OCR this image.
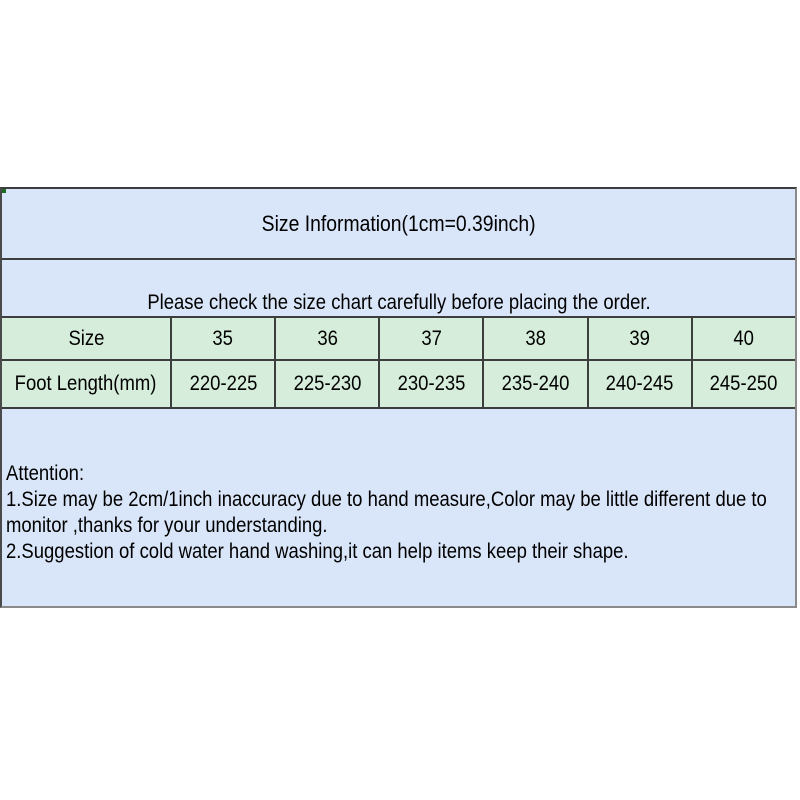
Size Information(1cm=0.39inch)
Please check the size chart carefully before placing the order.
Size	35	36	37	38	39	40
Foot Length(mm) 220-225 225-230 230-235 235-240 240-245 245-250
Attention:
1.Size may be 2cm/1inch inaccuracy due to hand measure,Color may be little different due to
monitor ,thanks for your understanding.
2.Suggestion of cold water hand washing,it can help items keep their shape.
